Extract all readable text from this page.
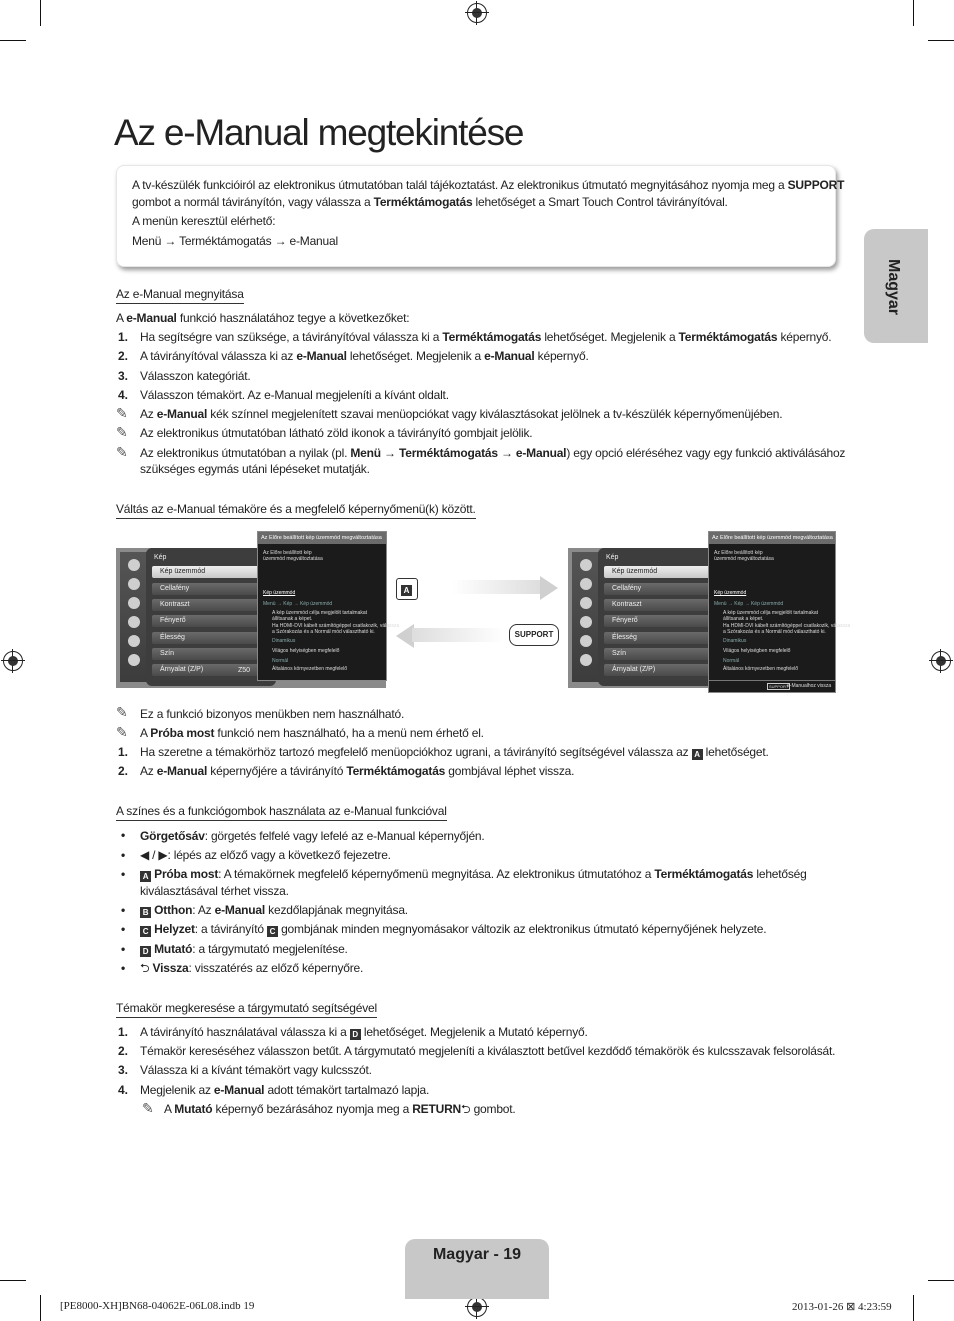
Az e-Manual megtekintése
Magyar
A tv-készülék funkcióiról az elektronikus útmutatóban talál tájékoztatást. Az elektronikus útmutató megnyitásához nyomja meg a SUPPORT
gombot a normál távirányítón, vagy válassza a Terméktámogatás lehetőséget a Smart Touch Control távirányítóval.
A menün keresztül elérhető:
Menü → Terméktámogatás → e-Manual
Az e-Manual megnyitása
A e-Manual funkció használatához tegye a következőket:
1. Ha segítségre van szüksége, a távirányítóval válassza ki a Terméktámogatás lehetőséget. Megjelenik a Terméktámogatás képernyő.
2. A távirányítóval válassza ki az e-Manual lehetőséget. Megjelenik a e-Manual képernyő.
3. Válasszon kategóriát.
4. Válasszon témakört. Az e-Manual megjeleníti a kívánt oldalt.
✎ Az e-Manual kék színnel megjelenített szavai menüopciókat vagy kiválasztásokat jelölnek a tv-készülék képernyőmenüjében.
✎ Az elektronikus útmutatóban látható zöld ikonok a távirányító gombjait jelölik.
✎ Az elektronikus útmutatóban a nyilak (pl. Menü → Terméktámogatás → e-Manual) egy opció eléréséhez vagy egy funkció aktiválásához
szükséges egymás utáni lépéseket mutatják.
Váltás az e-Manual témaköre és a megfelelő képernyőmenü(k) között.
Kép
Kép üzemmód
Cellafény
Kontraszt
Fényerő
Élesség
Szín
Árnyalat (Z/P)	Z50
Az Előre beállított kép üzemmód megváltoztatása
Az Előre beállított kép üzemmód megváltoztatása
Kép üzemmód
Menü → Kép → Kép üzemmód
A kép üzemmód célja megjelölt tartalmakat
állítsanak a képet.
Ha HDMI-DVI kábelt számítógéppel csatlakozik, válassza
a Szórakozás és a Normál mód választható ki.
Dinamikus
Világos helyiségben megfelelő
Normál
Általános környezetben megfelelő
A
SUPPORT
Kép
Kép üzemmód
Cellafény
Kontraszt
Fényerő
Élesség
Szín
Árnyalat (Z/P)
Az Előre beállított kép üzemmód megváltoztatása
Az Előre beállított kép üzemmód megváltoztatása
Kép üzemmód
Menü → Kép → Kép üzemmód
A kép üzemmód célja megjelölt tartalmakat
állítsanak a képet.
Ha HDMI-DVI kábelt számítógéppel csatlakozik, válassza
a Szórakozás és a Normál mód választható ki.
Dinamikus
Világos helyiségben megfelelő
Normál
Általános környezetben megfelelő
SUPPORT
e-Manualhoz vissza
✎ Ez a funkció bizonyos menükben nem használható.
✎ A Próba most funkció nem használható, ha a menü nem érhető el.
1. Ha szeretne a témakörhöz tartozó megfelelő menüopciókhoz ugrani, a távirányító segítségével válassza az A lehetőséget.
2. Az e-Manual képernyőjére a távirányító Terméktámogatás gombjával léphet vissza.
A színes és a funkciógombok használata az e-Manual funkcióval
• Görgetősáv: görgetés felfelé vagy lefelé az e-Manual képernyőjén.
• ◀ / ▶: lépés az előző vagy a következő fejezetre.
•	A Próba most: A témakörnek megfelelő képernyőmenü megnyitása. Az elektronikus útmutatóhoz a Terméktámogatás lehetőség
kiválasztásával térhet vissza.
•	B Otthon: Az e-Manual kezdőlapjának megnyitása.
•	C Helyzet: a távirányító C gombjának minden megnyomásakor változik az elektronikus útmutató képernyőjének helyzete.
•	D Mutató: a tárgymutató megjelenítése.
• ⮌ Vissza: visszatérés az előző képernyőre.
Témakör megkeresése a tárgymutató segítségével
1. A távirányító használatával válassza ki a D lehetőséget. Megjelenik a Mutató képernyő.
2. Témakör kereséséhez válasszon betűt. A tárgymutató megjeleníti a kiválasztott betűvel kezdődő témakörök és kulcsszavak felsorolását.
3. Válassza ki a kívánt témakört vagy kulcsszót.
4. Megjelenik az e-Manual adott témakört tartalmazó lapja.
✎ A Mutató képernyő bezárásához nyomja meg a RETURN⮌ gombot.
Magyar - 19
[PE8000-XH]BN68-04062E-06L08.indb 19	2013-01-26 ⊠ 4:23:59
